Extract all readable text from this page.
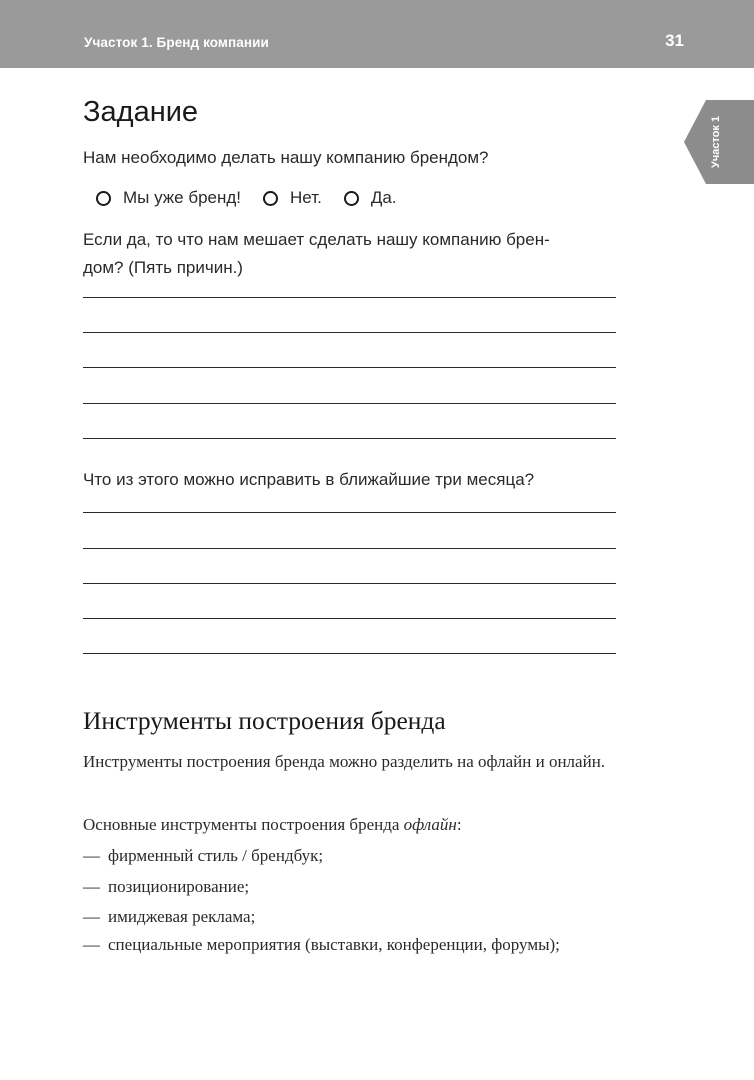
Участок 1. Бренд компании	31
Участок 1
Задание
Нам необходимо делать нашу компанию брендом?
Мы уже бренд!	Нет.	Да.
Если да, то что нам мешает сделать нашу компанию брен-
дом? (Пять причин.)
Что из этого можно исправить в ближайшие три месяца?
Инструменты построения бренда
Инструменты построения бренда можно разделить на офлайн и онлайн.
Основные инструменты построения бренда офлайн:
— фирменный стиль / брендбук;
— позиционирование;
— имиджевая реклама;
— специальные мероприятия (выставки, конференции, форумы);
